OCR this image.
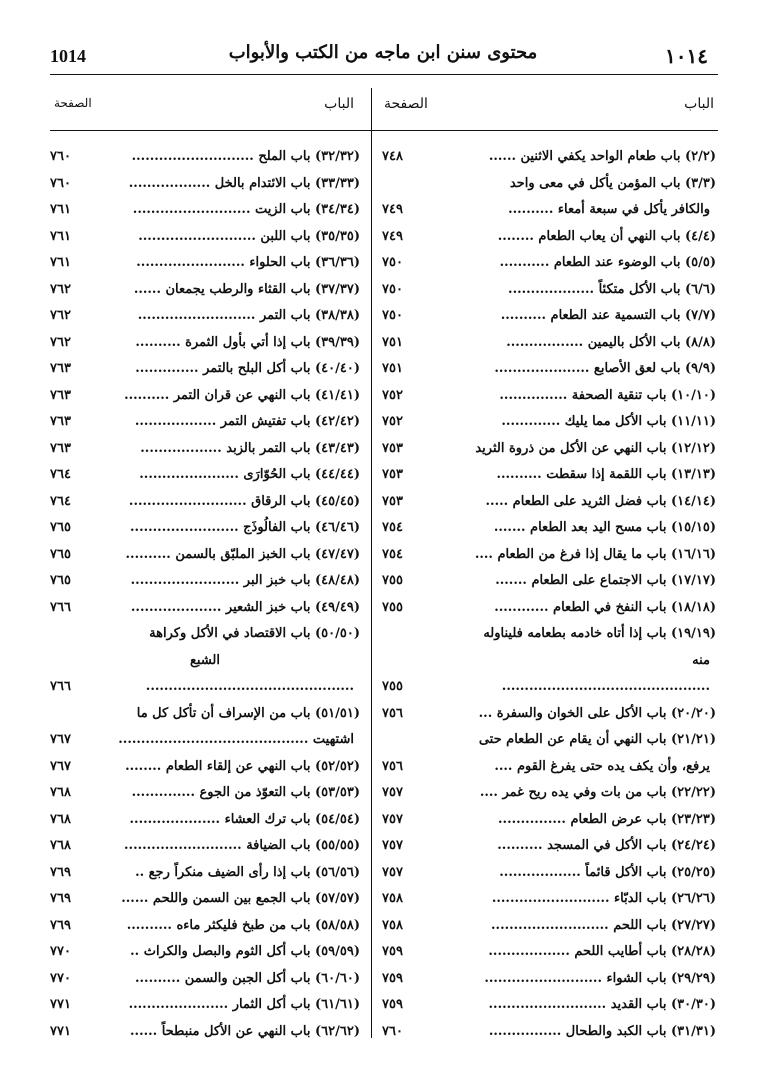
1014	محتوى سنن ابن ماجه من الكتب والأبواب	١٠١٤
الباب
الصفحة
الباب
الصفحة
(٢/٢) باب طعام الواحد يكفي الاثنين ......
٧٤٨
(٣/٣) باب المؤمن يأكل في معى واحد
والكافر يأكل في سبعة أمعاء ..........
٧٤٩
(٤/٤) باب النهي أن يعاب الطعام ........
٧٤٩
(٥/٥) باب الوضوء عند الطعام ...........
٧٥٠
(٦/٦) باب الأكل متكئاً ...................
٧٥٠
(٧/٧) باب التسمية عند الطعام ..........
٧٥٠
(٨/٨) باب الأكل باليمين .................
٧٥١
(٩/٩) باب لعق الأصابع .....................
٧٥١
(١٠/١٠) باب تنقية الصحفة ...............
٧٥٢
(١١/١١) باب الأكل مما يليك .............
٧٥٢
(١٢/١٢) باب النهي عن الأكل من ذروة الثريد
٧٥٣
(١٣/١٣) باب اللقمة إذا سقطت ..........
٧٥٣
(١٤/١٤) باب فضل الثريد على الطعام .....
٧٥٣
(١٥/١٥) باب مسح اليد بعد الطعام .......
٧٥٤
(١٦/١٦) باب ما يقال إذا فرغ من الطعام ....
٧٥٤
(١٧/١٧) باب الاجتماع على الطعام .......
٧٥٥
(١٨/١٨) باب النفخ في الطعام ............
٧٥٥
(١٩/١٩) باب إذا أتاه خادمه بطعامه فليناوله
منه
..............................................
٧٥٥
(٢٠/٢٠) باب الأكل على الخوان والسفرة ...
٧٥٦
(٢١/٢١) باب النهي أن يقام عن الطعام حتى
يرفع، وأن يكف يده حتى يفرغ القوم ....
٧٥٦
(٢٢/٢٢) باب من بات وفي يده ريح غمر ....
٧٥٧
(٢٣/٢٣) باب عرض الطعام ...............
٧٥٧
(٢٤/٢٤) باب الأكل في المسجد ..........
٧٥٧
(٢٥/٢٥) باب الأكل قائماً ..................
٧٥٧
(٢٦/٢٦) باب الدبّاء ..........................
٧٥٨
(٢٧/٢٧) باب اللحم ..........................
٧٥٨
(٢٨/٢٨) باب أطايب اللحم ..................
٧٥٩
(٢٩/٢٩) باب الشواء ..........................
٧٥٩
(٣٠/٣٠) باب القديد ..........................
٧٥٩
(٣١/٣١) باب الكبد والطحال ................
٧٦٠
(٣٢/٣٢) باب الملح ...........................
٧٦٠
(٣٣/٣٣) باب الائتدام بالخل ..................
٧٦٠
(٣٤/٣٤) باب الزيت ..........................
٧٦١
(٣٥/٣٥) باب اللبن ..........................
٧٦١
(٣٦/٣٦) باب الحلواء ........................
٧٦١
(٣٧/٣٧) باب القثاء والرطب يجمعان ......
٧٦٢
(٣٨/٣٨) باب التمر ..........................
٧٦٢
(٣٩/٣٩) باب إذا أتي بأول الثمرة ..........
٧٦٢
(٤٠/٤٠) باب أكل البلح بالتمر ..............
٧٦٣
(٤١/٤١) باب النهي عن قران التمر ..........
٧٦٣
(٤٢/٤٢) باب تفتيش التمر ..................
٧٦٣
(٤٣/٤٣) باب التمر بالزبد ..................
٧٦٣
(٤٤/٤٤) باب الحُوّارَى ......................
٧٦٤
(٤٥/٤٥) باب الرقاق ..........................
٧٦٤
(٤٦/٤٦) باب الفالُوذَج ........................
٧٦٥
(٤٧/٤٧) باب الخبز الملبّق بالسمن ..........
٧٦٥
(٤٨/٤٨) باب خبز البر ........................
٧٦٥
(٤٩/٤٩) باب خبز الشعير ....................
٧٦٦
(٥٠/٥٠) باب الاقتصاد في الأكل وكراهة
الشبع
..............................................
٧٦٦
(٥١/٥١) باب من الإسراف أن تأكل كل ما
اشتهيت ..........................................
٧٦٧
(٥٢/٥٢) باب النهي عن إلقاء الطعام ........
٧٦٧
(٥٣/٥٣) باب التعوّذ من الجوع ..............
٧٦٨
(٥٤/٥٤) باب ترك العشاء ....................
٧٦٨
(٥٥/٥٥) باب الضيافة ..........................
٧٦٨
(٥٦/٥٦) باب إذا رأى الضيف منكراً رجع ..
٧٦٩
(٥٧/٥٧) باب الجمع بين السمن واللحم ......
٧٦٩
(٥٨/٥٨) باب من طبخ فليكثر ماءه ..........
٧٦٩
(٥٩/٥٩) باب أكل الثوم والبصل والكراث ..
٧٧٠
(٦٠/٦٠) باب أكل الجبن والسمن ..........
٧٧٠
(٦١/٦١) باب أكل الثمار ......................
٧٧١
(٦٢/٦٢) باب النهي عن الأكل منبطحاً ......
٧٧١
